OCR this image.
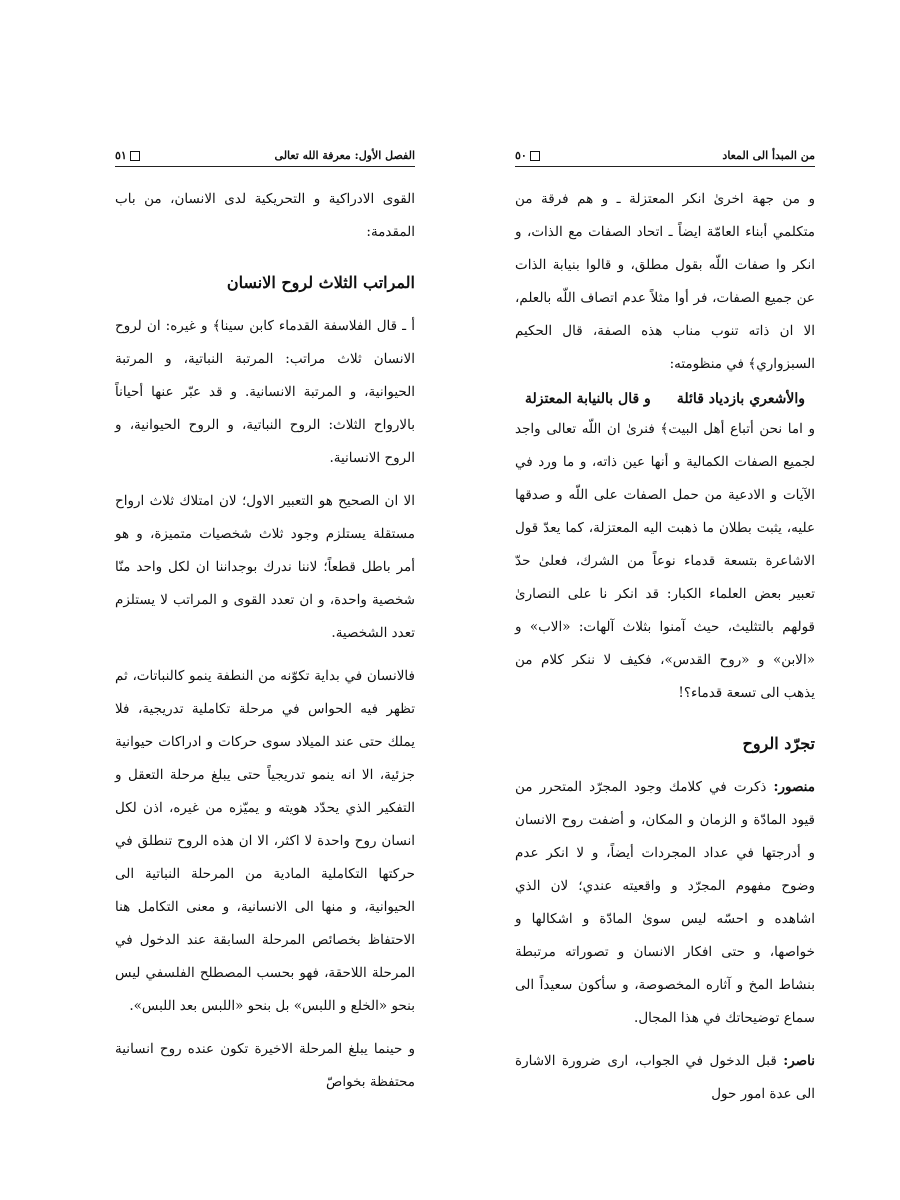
الفصل الأول: معرفة الله تعالى
٥١

القوى الادراكية و التحريكية لدى الانسان، من باب المقدمة:

المراتب الثلاث لروح الانسان

أ ـ قال الفلاسفة القدماء كابن سينا﴾ و غيره: ان لروح الانسان ثلاث مراتب: المرتبة النباتية، و المرتبة الحيوانية، و المرتبة الانسانية. و قد عبّر عنها أحياناً بالارواح الثلاث: الروح النباتية، و الروح الحيوانية، و الروح الانسانية.

الا ان الصحيح هو التعبير الاول؛ لان امتلاك ثلاث ارواح مستقلة يستلزم وجود ثلاث شخصيات متميزة، و هو أمر باطل قطعاً؛ لاننا ندرك بوجداننا ان لكل واحد منّا شخصية واحدة، و ان تعدد القوى و المراتب لا يستلزم تعدد الشخصية.

فالانسان في بداية تكوّنه من النطفة ينمو كالنباتات، ثم تظهر فيه الحواس في مرحلة تكاملية تدريجية، فلا يملك حتى عند الميلاد سوى حركات و ادراكات حيوانية جزئية، الا انه ينمو تدريجياً حتى يبلغ مرحلة التعقل و التفكير الذي يحدّد هويته و يميّزه من غيره، اذن لكل انسان روح واحدة لا اكثر، الا ان هذه الروح تنطلق في حركتها التكاملية المادية من المرحلة النباتية الى الحيوانية، و منها الى الانسانية، و معنى التكامل هنا الاحتفاظ بخصائص المرحلة السابقة عند الدخول في المرحلة اللاحقة، فهو بحسب المصطلح الفلسفي ليس بنحو «الخلع و اللبس» بل بنحو «اللبس بعد اللبس».

و حينما يبلغ المرحلة الاخيرة تكون عنده روح انسانية محتفظة بخواصّ

من المبدأ الى المعاد
٥٠

و من جهة اخرىٰ انكر المعتزلة ـ و هم فرقة من متكلمي أبناء العامّة ايضاً ـ اتحاد الصفات مع الذات، و انكر وا صفات اللّه بقول مطلق، و قالوا بنيابة الذات عن جميع الصفات، فر أوا مثلاً عدم اتصاف اللّه بالعلم، الا ان ذاته تنوب مناب هذه الصفة، قال الحكيم السبزواري﴾ في منظومته:

والأشعري بازدياد قائلة
و قال بالنيابة المعتزلة

و اما نحن أتباع أهل البيت﴾ فنرىٰ ان اللّه تعالى واجد لجميع الصفات الكمالية و أنها عين ذاته، و ما ورد في الآيات و الادعية من حمل الصفات على اللّه و صدقها عليه، يثبت بطلان ما ذهبت اليه المعتزلة، كما يعدّ قول الاشاعرة بتسعة قدماء نوعاً من الشرك، فعلىٰ حدّ تعبير بعض العلماء الكبار: قد انكر نا على النصارىٰ قولهم بالتثليث، حيث آمنوا بثلاث آلهات: «الاب» و «الابن» و «روح القدس»، فكيف لا ننكر كلام من يذهب الى تسعة قدماء؟!

تجرّد الروح

منصور: ذكرت في كلامك وجود المجرّد المتحرر من قيود المادّة و الزمان و المكان، و أضفت روح الانسان و أدرجتها في عداد المجردات أيضاً، و لا انكر عدم وضوح مفهوم المجرّد و واقعيته عندي؛ لان الذي اشاهده و احسّه ليس سوىٰ المادّة و اشكالها و خواصها، و حتى افكار الانسان و تصوراته مرتبطة بنشاط المخ و آثاره المخصوصة، و سأكون سعيداً الى سماع توضيحاتك في هذا المجال.

ناصر: قبل الدخول في الجواب، ارى ضرورة الاشارة الى عدة امور حول
